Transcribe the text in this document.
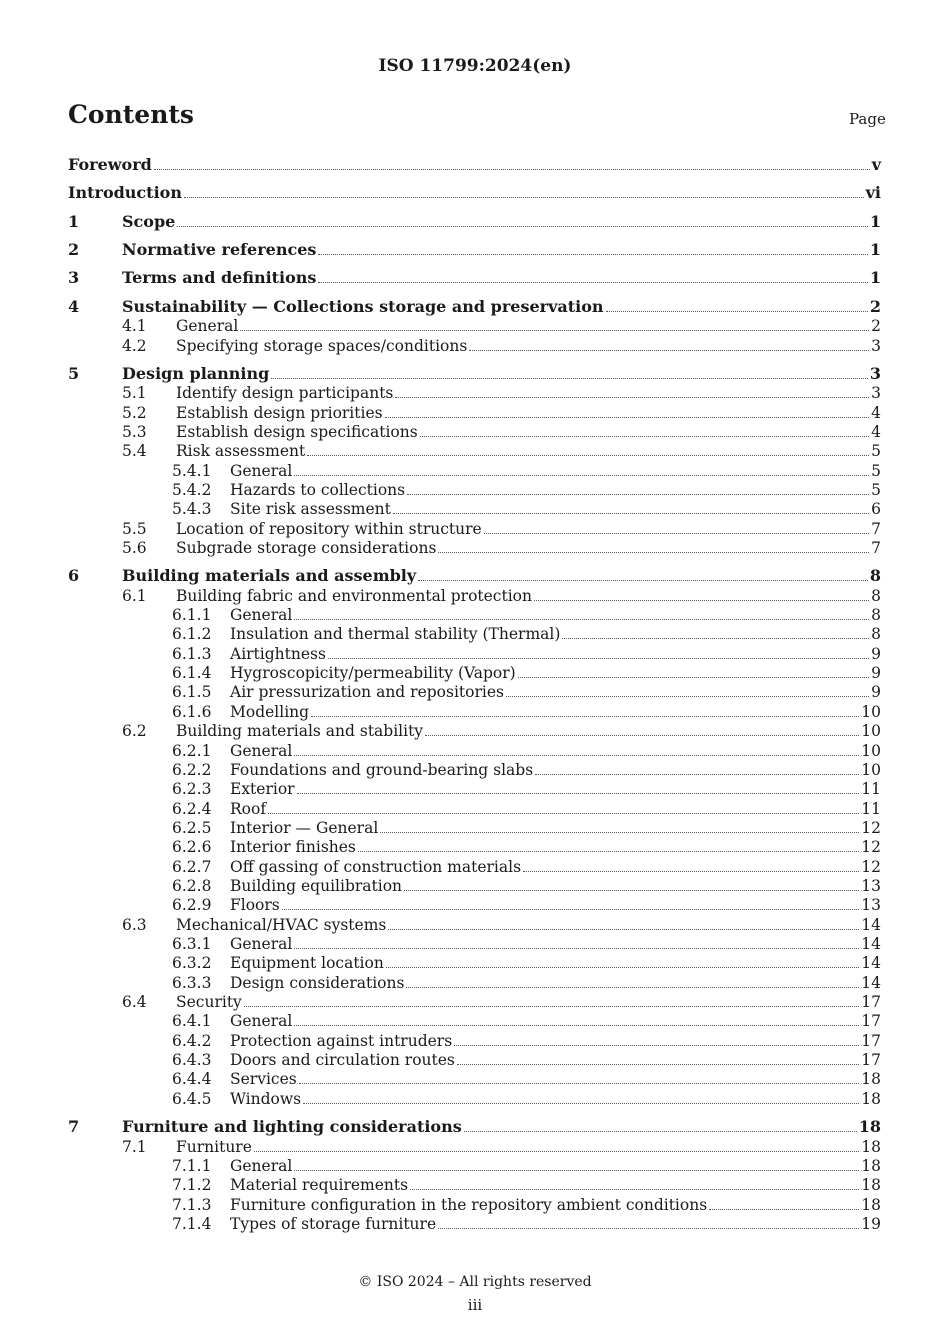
ISO 11799:2024(en)
Contents	Page
Foreword	v
Introduction	vi
1	Scope	1
2	Normative references	1
3	Terms and definitions	1
4	Sustainability — Collections storage and preservation	2
4.1 General	2
4.2 Specifying storage spaces/conditions	3
5	Design planning	3
5.1 Identify design participants	3
5.2 Establish design priorities	4
5.3 Establish design specifications	4
5.4 Risk assessment	5
5.4.1 General	5
5.4.2 Hazards to collections	5
5.4.3 Site risk assessment	6
5.5 Location of repository within structure	7
5.6 Subgrade storage considerations	7
6	Building materials and assembly	8
6.1 Building fabric and environmental protection	8
6.1.1 General	8
6.1.2 Insulation and thermal stability (Thermal)	8
6.1.3 Airtightness	9
6.1.4 Hygroscopicity/permeability (Vapor)	9
6.1.5 Air pressurization and repositories	9
6.1.6 Modelling	10
6.2 Building materials and stability	10
6.2.1 General	10
6.2.2 Foundations and ground-bearing slabs	10
6.2.3 Exterior	11
6.2.4 Roof	11
6.2.5 Interior — General	12
6.2.6 Interior finishes	12
6.2.7 Off gassing of construction materials	12
6.2.8 Building equilibration	13
6.2.9 Floors	13
6.3 Mechanical/HVAC systems	14
6.3.1 General	14
6.3.2 Equipment location	14
6.3.3 Design considerations	14
6.4 Security	17
6.4.1 General	17
6.4.2 Protection against intruders	17
6.4.3 Doors and circulation routes	17
6.4.4 Services	18
6.4.5 Windows	18
7	Furniture and lighting considerations	18
7.1 Furniture	18
7.1.1 General	18
7.1.2 Material requirements	18
7.1.3 Furniture configuration in the repository ambient conditions	18
7.1.4 Types of storage furniture	19
© ISO 2024 – All rights reserved
iii
